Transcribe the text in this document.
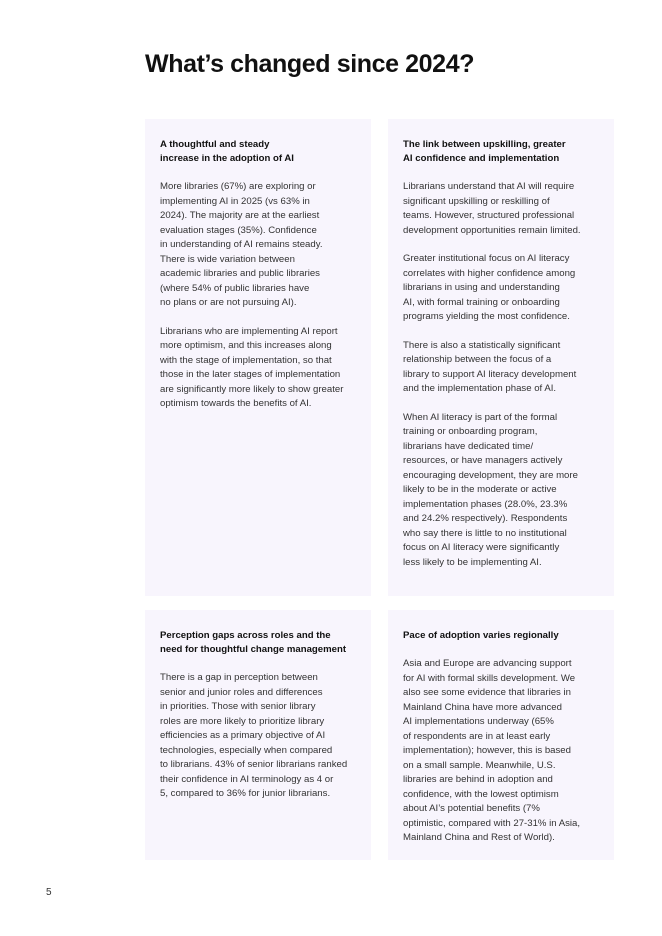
What’s changed since 2024?
A thoughtful and steady
increase in the adoption of AI

More libraries (67%) are exploring or
implementing AI in 2025 (vs 63% in
2024). The majority are at the earliest
evaluation stages (35%). Confidence
in understanding of AI remains steady.
There is wide variation between
academic libraries and public libraries
(where 54% of public libraries have
no plans or are not pursuing AI).

Librarians who are implementing AI report
more optimism, and this increases along
with the stage of implementation, so that
those in the later stages of implementation
are significantly more likely to show greater
optimism towards the benefits of AI.

The link between upskilling, greater
AI confidence and implementation

Librarians understand that AI will require
significant upskilling or reskilling of
teams. However, structured professional
development opportunities remain limited.

Greater institutional focus on AI literacy
correlates with higher confidence among
librarians in using and understanding
AI, with formal training or onboarding
programs yielding the most confidence.

There is also a statistically significant
relationship between the focus of a
library to support AI literacy development
and the implementation phase of AI.

When AI literacy is part of the formal
training or onboarding program,
librarians have dedicated time/
resources, or have managers actively
encouraging development, they are more
likely to be in the moderate or active
implementation phases (28.0%, 23.3%
and 24.2% respectively). Respondents
who say there is little to no institutional
focus on AI literacy were significantly
less likely to be implementing AI.

Perception gaps across roles and the
need for thoughtful change management

There is a gap in perception between
senior and junior roles and differences
in priorities. Those with senior library
roles are more likely to prioritize library
efficiencies as a primary objective of AI
technologies, especially when compared
to librarians. 43% of senior librarians ranked
their confidence in AI terminology as 4 or
5, compared to 36% for junior librarians.

Pace of adoption varies regionally

Asia and Europe are advancing support
for AI with formal skills development. We
also see some evidence that libraries in
Mainland China have more advanced
AI implementations underway (65%
of respondents are in at least early
implementation); however, this is based
on a small sample. Meanwhile, U.S.
libraries are behind in adoption and
confidence, with the lowest optimism
about AI’s potential benefits (7%
optimistic, compared with 27-31% in Asia,
Mainland China and Rest of World).

5
